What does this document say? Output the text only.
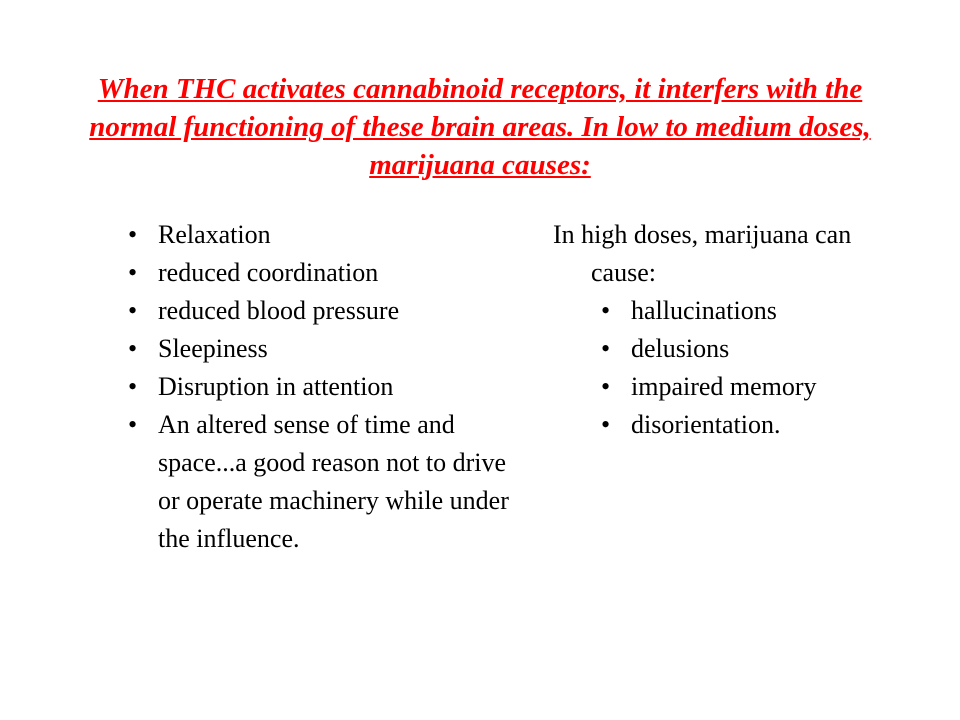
When THC activates cannabinoid receptors, it interfers with the normal functioning of these brain areas. In low to medium doses, marijuana causes:
• Relaxation
• reduced coordination
• reduced blood pressure
• Sleepiness
• Disruption in attention
• An altered sense of time and space...a good reason not to drive or operate machinery while under the influence.

In high doses, marijuana can cause:

• hallucinations
• delusions
• impaired memory
• disorientation.
